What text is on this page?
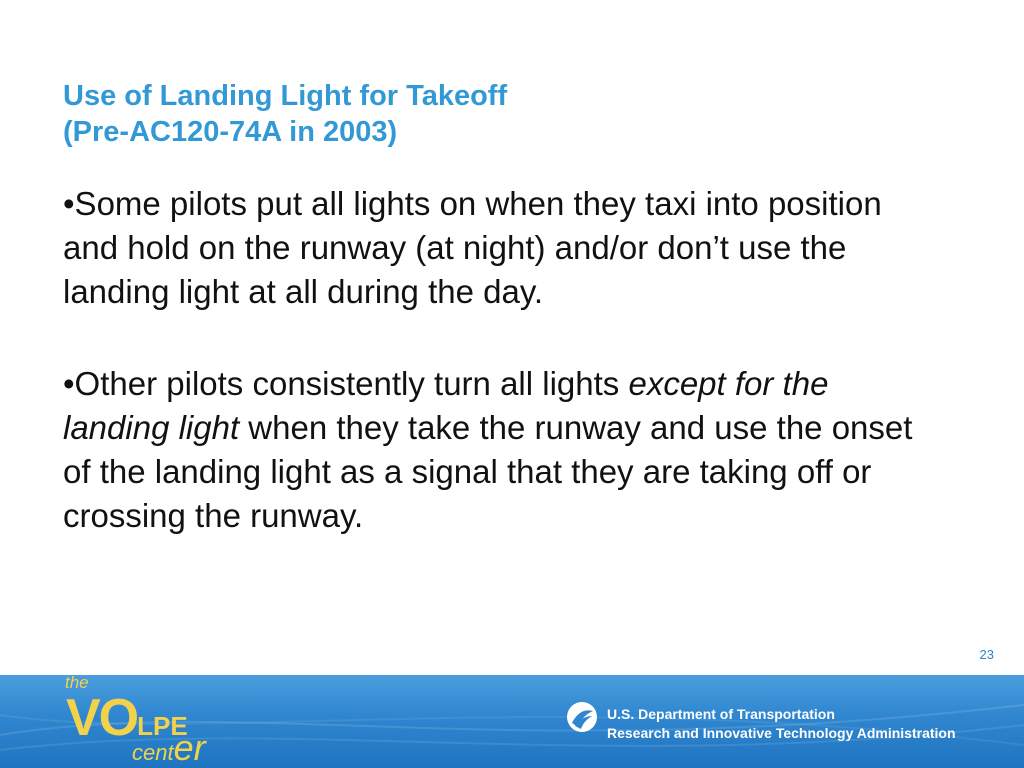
Use of Landing Light for Takeoff
(Pre-AC120-74A in 2003)

•Some pilots put all lights on when they taxi into position and hold on the runway (at night) and/or don’t use the landing light at all during the day.

•Other pilots consistently turn all lights except for the landing light when they take the runway and use the onset of the landing light as a signal that they are taking off or crossing the runway.

23
the
VOLPE
center
U.S. Department of Transportation
Research and Innovative Technology Administration
